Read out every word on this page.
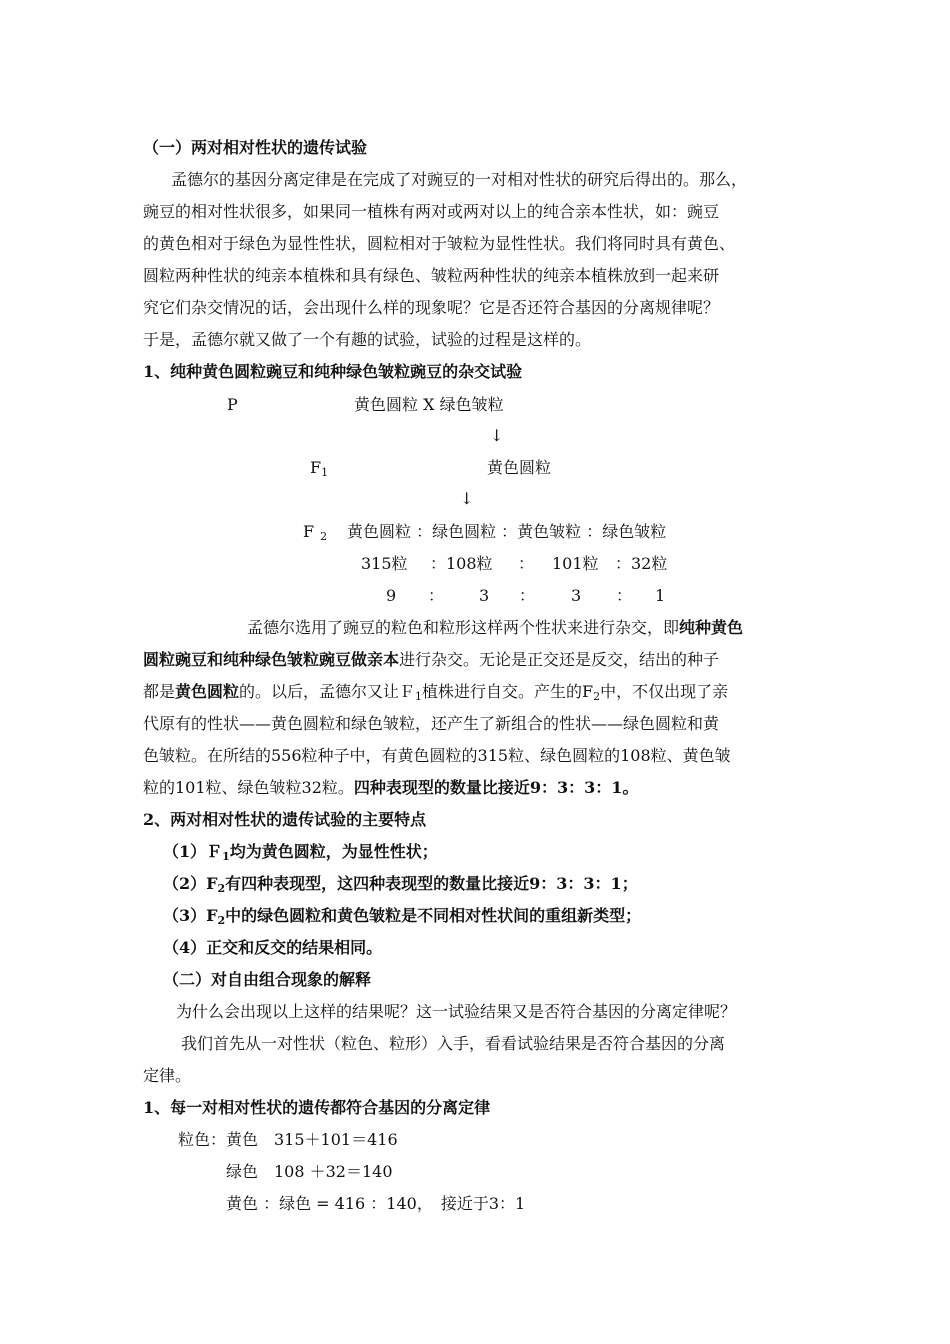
（一）两对相对性状的遗传试验
孟德尔的基因分离定律是在完成了对豌豆的一对相对性状的研究后得出的。那么，
豌豆的相对性状很多，如果同一植株有两对或两对以上的纯合亲本性状，如：豌豆
的黄色相对于绿色为显性性状，圆粒相对于皱粒为显性性状。我们将同时具有黄色、
圆粒两种性状的纯亲本植株和具有绿色、皱粒两种性状的纯亲本植株放到一起来研
究它们杂交情况的话，会出现什么样的现象呢？它是否还符合基因的分离规律呢？
于是，孟德尔就又做了一个有趣的试验，试验的过程是这样的。
1、纯种黄色圆粒豌豆和纯种绿色皱粒豌豆的杂交试验
P	黄色圆粒 X 绿色皱粒
↓
$F_1$	黄色圆粒
↓
F $_2$ 黄色圆粒 ：绿色圆粒 ：黄色皱粒 ：绿色皱粒
315粒 ：108粒 ： 101粒 ：32粒
9 ： 3 ： 3 ： 1
孟德尔选用了豌豆的粒色和粒形这样两个性状来进行杂交，即纯种黄色
圆粒豌豆和纯种绿色皱粒豌豆做亲本进行杂交。无论是正交还是反交，结出的种子
都是黄色圆粒的。以后，孟德尔又让Ｆ$_1$植株进行自交。产生的$F_2$中，不仅出现了亲
代原有的性状——黄色圆粒和绿色皱粒，还产生了新组合的性状——绿色圆粒和黄
色皱粒。在所结的556粒种子中，有黄色圆粒的315粒、绿色圆粒的108粒、黄色皱
粒的101粒、绿色皱粒32粒。四种表现型的数量比接近9：3：3：1。
2、两对相对性状的遗传试验的主要特点
（1）Ｆ$_1$均为黄色圆粒，为显性性状；
$(2)F_2$有四种表现型，这四种表现型的数量比接近9：3：3：1；
$(3)F_2$中的绿色圆粒和黄色皱粒是不同相对性状间的重组新类型；
（4）正交和反交的结果相同。
（二）对自由组合现象的解释
为什么会出现以上这样的结果呢？这一试验结果又是否符合基因的分离定律呢？
我们首先从一对性状（粒色、粒形）入手，看看试验结果是否符合基因的分离
定律。
1、每一对相对性状的遗传都符合基因的分离定律
粒色：黄色　315＋101＝416
绿色　108 ＋32＝140
黄色 ：绿色 = 416 ：140，　接近于3：1
